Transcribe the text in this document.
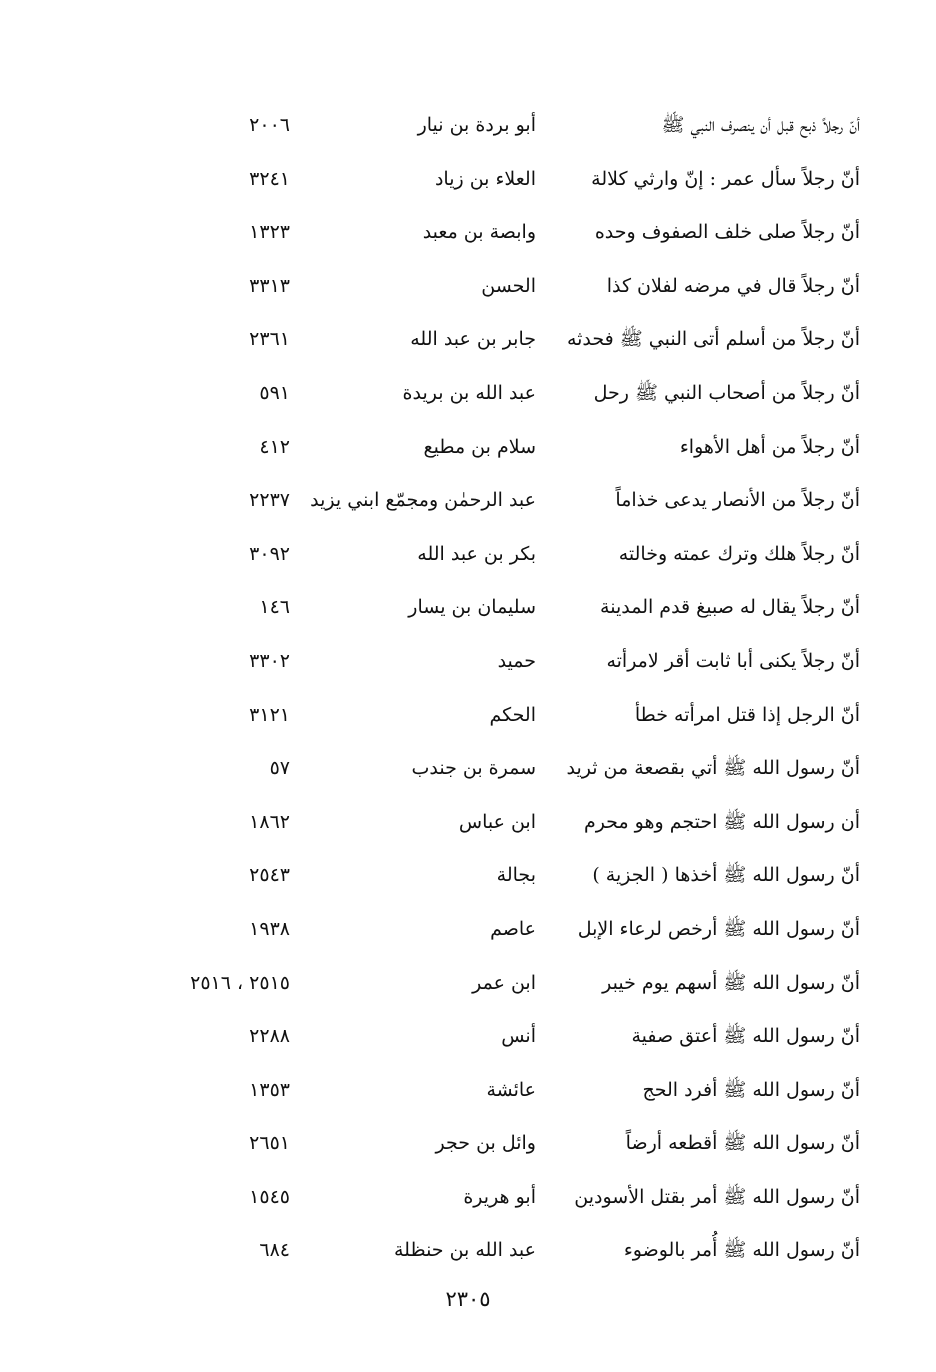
أنّ رجلاً ذبح قبل أن ينصرف النبي ﷺ
أبو بردة بن نيار
٢٠٠٦
أنّ رجلاً سأل عمر : إنّ وارثي كلالة
العلاء بن زياد
٣٢٤١
أنّ رجلاً صلى خلف الصفوف وحده
وابصة بن معبد
١٣٢٣
أنّ رجلاً قال في مرضه لفلان كذا
الحسن
٣٣١٣
أنّ رجلاً من أسلم أتى النبي ﷺ فحدثه
جابر بن عبد الله
٢٣٦١
أنّ رجلاً من أصحاب النبي ﷺ رحل
عبد الله بن بريدة
٥٩١
أنّ رجلاً من أهل الأهواء
سلام بن مطيع
٤١٢
أنّ رجلاً من الأنصار يدعى خذاماً
عبد الرحمٰن ومجمّع ابني يزيد
٢٢٣٧
أنّ رجلاً هلك وترك عمته وخالته
بكر بن عبد الله
٣٠٩٢
أنّ رجلاً يقال له صبيغ قدم المدينة
سليمان بن يسار
١٤٦
أنّ رجلاً يكنى أبا ثابت أقر لامرأته
حميد
٣٣٠٢
أنّ الرجل إذا قتل امرأته خطأ
الحكم
٣١٢١
أنّ رسول الله ﷺ أتي بقصعة من ثريد
سمرة بن جندب
٥٧
أن رسول الله ﷺ احتجم وهو محرم
ابن عباس
١٨٦٢
أنّ رسول الله ﷺ أخذها ( الجزية )
بجالة
٢٥٤٣
أنّ رسول الله ﷺ أرخص لرعاء الإبل
عاصم
١٩٣٨
أنّ رسول الله ﷺ أسهم يوم خيبر
ابن عمر
٢٥١٥ ، ٢٥١٦
أنّ رسول الله ﷺ أعتق صفية
أنس
٢٢٨٨
أنّ رسول الله ﷺ أفرد الحج
عائشة
١٣٥٣
أنّ رسول الله ﷺ أقطعه أرضاً
وائل بن حجر
٢٦٥١
أنّ رسول الله ﷺ أمر بقتل الأسودين
أبو هريرة
١٥٤٥
أنّ رسول الله ﷺ أُمر بالوضوء
عبد الله بن حنظلة
٦٨٤
٢٣٠٥
